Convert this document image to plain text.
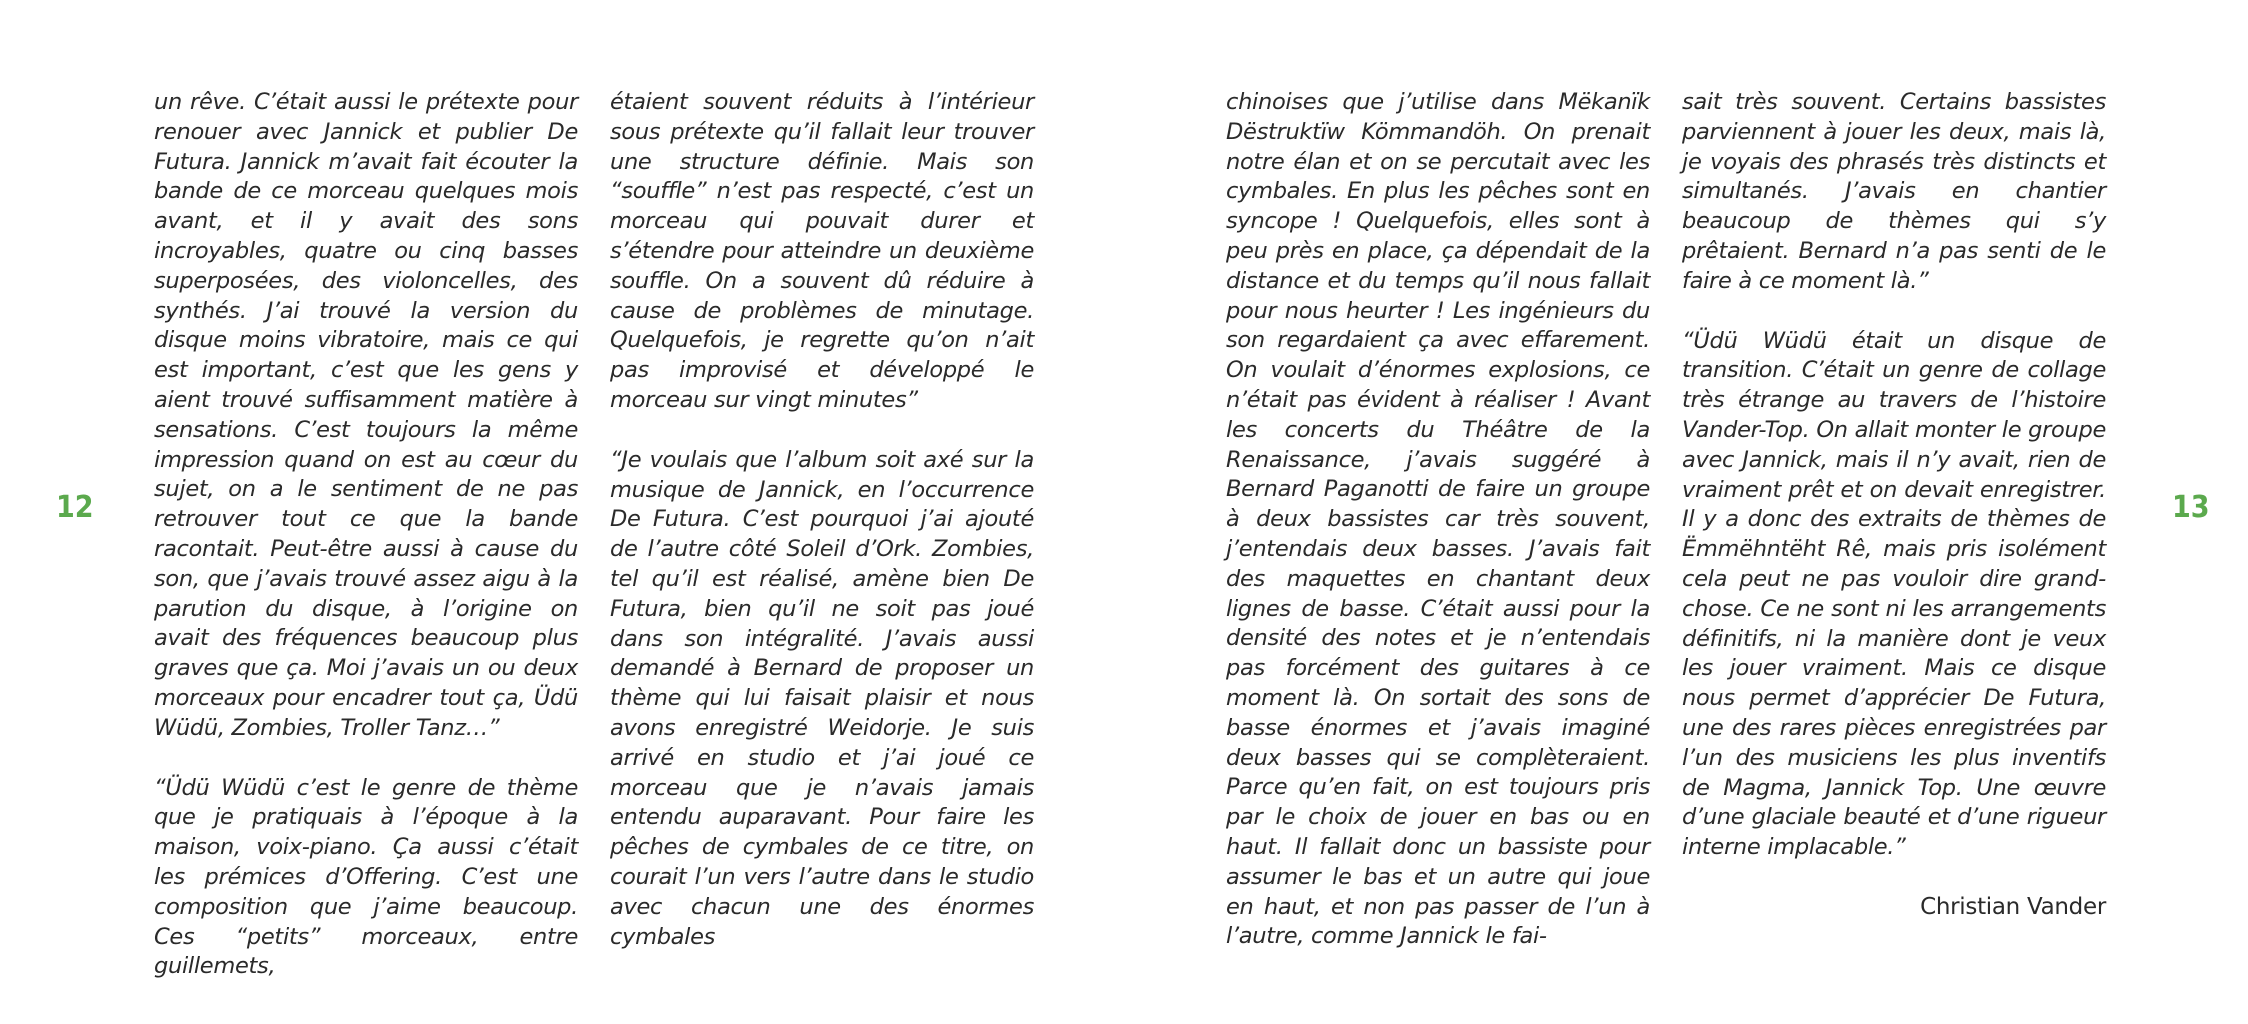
12

un rêve. C’était aussi le prétexte pour renouer avec Jannick et publier De Futura. Jannick m’avait fait écouter la bande de ce morceau quelques mois avant, et il y avait des sons incroyables, quatre ou cinq basses superposées, des violoncelles, des synthés. J’ai trouvé la version du disque moins vibratoire, mais ce qui est important, c’est que les gens y aient trouvé suffisamment matière à sensations. C’est toujours la même impression quand on est au cœur du sujet, on a le sentiment de ne pas retrouver tout ce que la bande racontait. Peut-être aussi à cause du son, que j’avais trouvé assez aigu à la parution du disque, à l’origine on avait des fréquences beaucoup plus graves que ça. Moi j’avais un ou deux morceaux pour encadrer tout ça, Üdü Wüdü, Zombies, Troller Tanz…”

“Üdü Wüdü c’est le genre de thème que je pratiquais à l’époque à la maison, voix-piano. Ça aussi c’était les prémices d’Offering. C’est une composition que j’aime beaucoup. Ces “petits” morceaux, entre guillemets,

étaient souvent réduits à l’intérieur sous prétexte qu’il fallait leur trouver une structure définie. Mais son “souffle” n’est pas respecté, c’est un morceau qui pouvait durer et s’étendre pour atteindre un deuxième souffle. On a souvent dû réduire à cause de problèmes de minutage. Quelquefois, je regrette qu’on n’ait pas improvisé et développé le morceau sur vingt minutes”

“Je voulais que l’album soit axé sur la musique de Jannick, en l’occurrence De Futura. C’est pourquoi j’ai ajouté de l’autre côté Soleil d’Ork. Zombies, tel qu’il est réalisé, amène bien De Futura, bien qu’il ne soit pas joué dans son intégralité. J’avais aussi demandé à Bernard de proposer un thème qui lui faisait plaisir et nous avons enregistré Weidorje. Je suis arrivé en studio et j’ai joué ce morceau que je n’avais jamais entendu auparavant. Pour faire les pêches de cymbales de ce titre, on courait l’un vers l’autre dans le studio avec chacun une des énormes cymbales

chinoises que j’utilise dans Mëkanïk Dëstruktïw Kömmandöh. On prenait notre élan et on se percutait avec les cymbales. En plus les pêches sont en syncope ! Quelquefois, elles sont à peu près en place, ça dépendait de la distance et du temps qu’il nous fallait pour nous heurter ! Les ingénieurs du son regardaient ça avec effarement. On voulait d’énormes explosions, ce n’était pas évident à réaliser ! Avant les concerts du Théâtre de la Renaissance, j’avais suggéré à Bernard Paganotti de faire un groupe à deux bassistes car très souvent, j’entendais deux basses. J’avais fait des maquettes en chantant deux lignes de basse. C’était aussi pour la densité des notes et je n’entendais pas forcément des guitares à ce moment là. On sortait des sons de basse énormes et j’avais imaginé deux basses qui se complèteraient. Parce qu’en fait, on est toujours pris par le choix de jouer en bas ou en haut. Il fallait donc un bassiste pour assumer le bas et un autre qui joue en haut, et non pas passer de l’un à l’autre, comme Jannick le fai-

sait très souvent. Certains bassistes parviennent à jouer les deux, mais là, je voyais des phrasés très distincts et simultanés. J’avais en chantier beaucoup de thèmes qui s’y prêtaient. Bernard n’a pas senti de le faire à ce moment là.”

“Üdü Wüdü était un disque de transition. C’était un genre de collage très étrange au travers de l’histoire Vander-Top. On allait monter le groupe avec Jannick, mais il n’y avait, rien de vraiment prêt et on devait enregistrer. Il y a donc des extraits de thèmes de Ëmmëhntëht Rê, mais pris isolément cela peut ne pas vouloir dire grand-chose. Ce ne sont ni les arrangements définitifs, ni la manière dont je veux les jouer vraiment. Mais ce disque nous permet d’apprécier De Futura, une des rares pièces enregistrées par l’un des musiciens les plus inventifs de Magma, Jannick Top. Une œuvre d’une glaciale beauté et d’une rigueur interne implacable.”

Christian Vander
13
